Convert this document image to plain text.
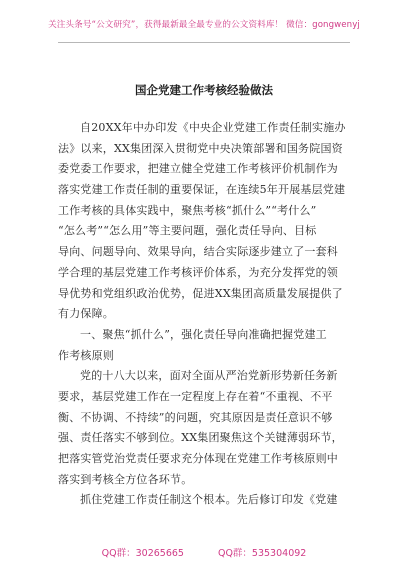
关注头条号“公文研究”，获得最新最全最专业的公文资料库！ 微信：gongwenyj
国企党建工作考核经验做法
自20XX年中办印发《中央企业党建工作责任制实施办
法》以来，XX集团深入贯彻党中央决策部署和国务院国资
委党委工作要求，把建立健全党建工作考核评价机制作为
落实党建工作责任制的重要保证，在连续5年开展基层党建
工作考核的具体实践中，聚焦考核“抓什么”“考什么”
“怎么考”“怎么用”等主要问题，强化责任导向、目标
导向、问题导向、效果导向，结合实际逐步建立了一套科
学合理的基层党建工作考核评价体系，为充分发挥党的领
导优势和党组织政治优势，促进XX集团高质量发展提供了
有力保障。
一、聚焦“抓什么”，强化责任导向准确把握党建工
作考核原则
党的十八大以来，面对全面从严治党新形势新任务新
要求，基层党建工作在一定程度上存在着“不重视、不平
衡、不协调、不持续”的问题，究其原因是责任意识不够
强、责任落实不够到位。XX集团聚焦这个关键薄弱环节，
把落实管党治党责任要求充分体现在党建工作考核原则中
落实到考核全方位各环节。
抓住党建工作责任制这个根本。先后修订印发《党建
QQ群：30265665	QQ群：535304092
